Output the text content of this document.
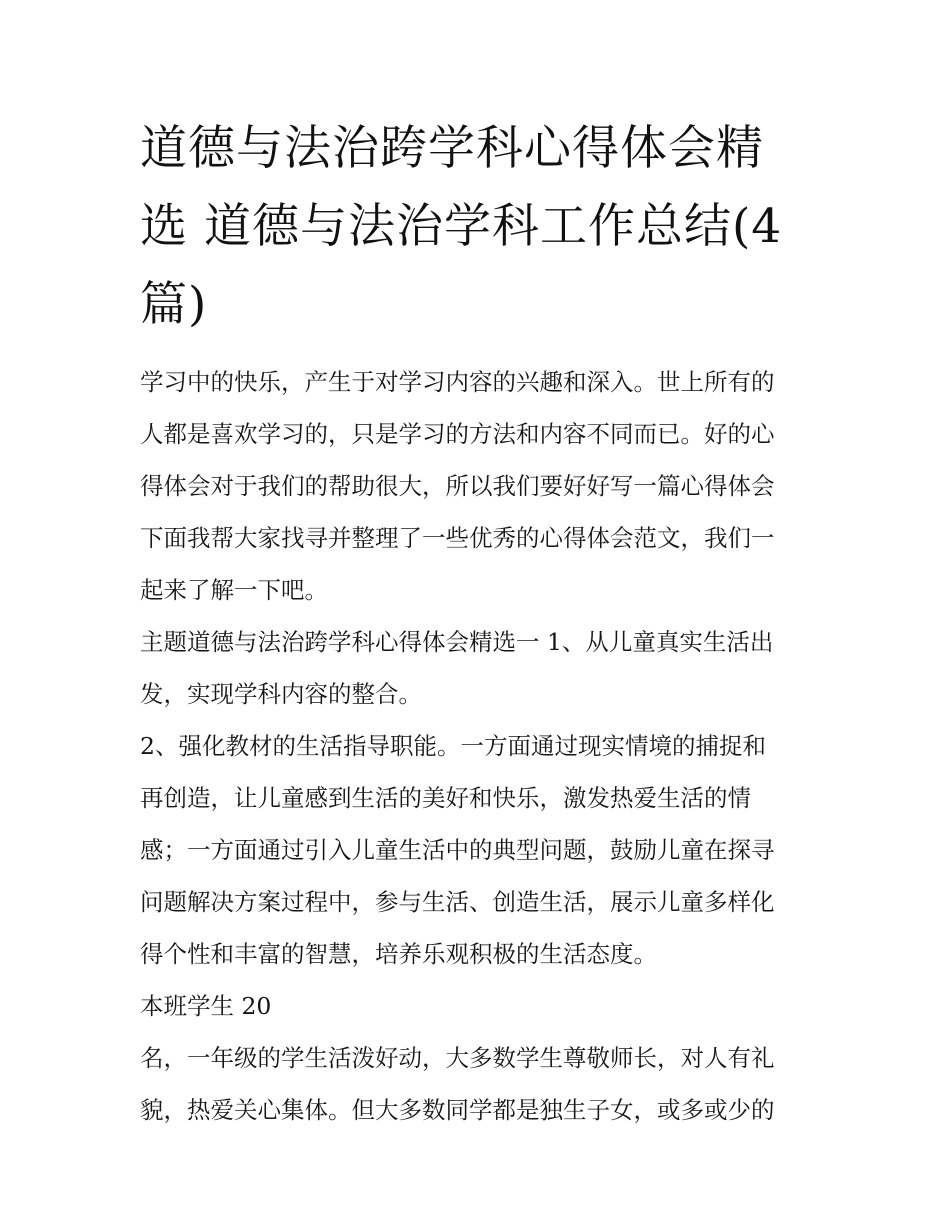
道德与法治跨学科心得体会精
选 道德与法治学科工作总结(4
篇)

学习中的快乐，产生于对学习内容的兴趣和深入。世上所有的
人都是喜欢学习的，只是学习的方法和内容不同而已。好的心
得体会对于我们的帮助很大，所以我们要好好写一篇心得体会
下面我帮大家找寻并整理了一些优秀的心得体会范文，我们一
起来了解一下吧。

主题道德与法治跨学科心得体会精选一 1、从儿童真实生活出
发，实现学科内容的整合。

2、强化教材的生活指导职能。一方面通过现实情境的捕捉和
再创造，让儿童感到生活的美好和快乐，激发热爱生活的情
感；一方面通过引入儿童生活中的典型问题，鼓励儿童在探寻
问题解决方案过程中，参与生活、创造生活，展示儿童多样化
得个性和丰富的智慧，培养乐观积极的生活态度。

本班学生 20

名，一年级的学生活泼好动，大多数学生尊敬师长，对人有礼
貌，热爱关心集体。但大多数同学都是独生子女，或多或少的
